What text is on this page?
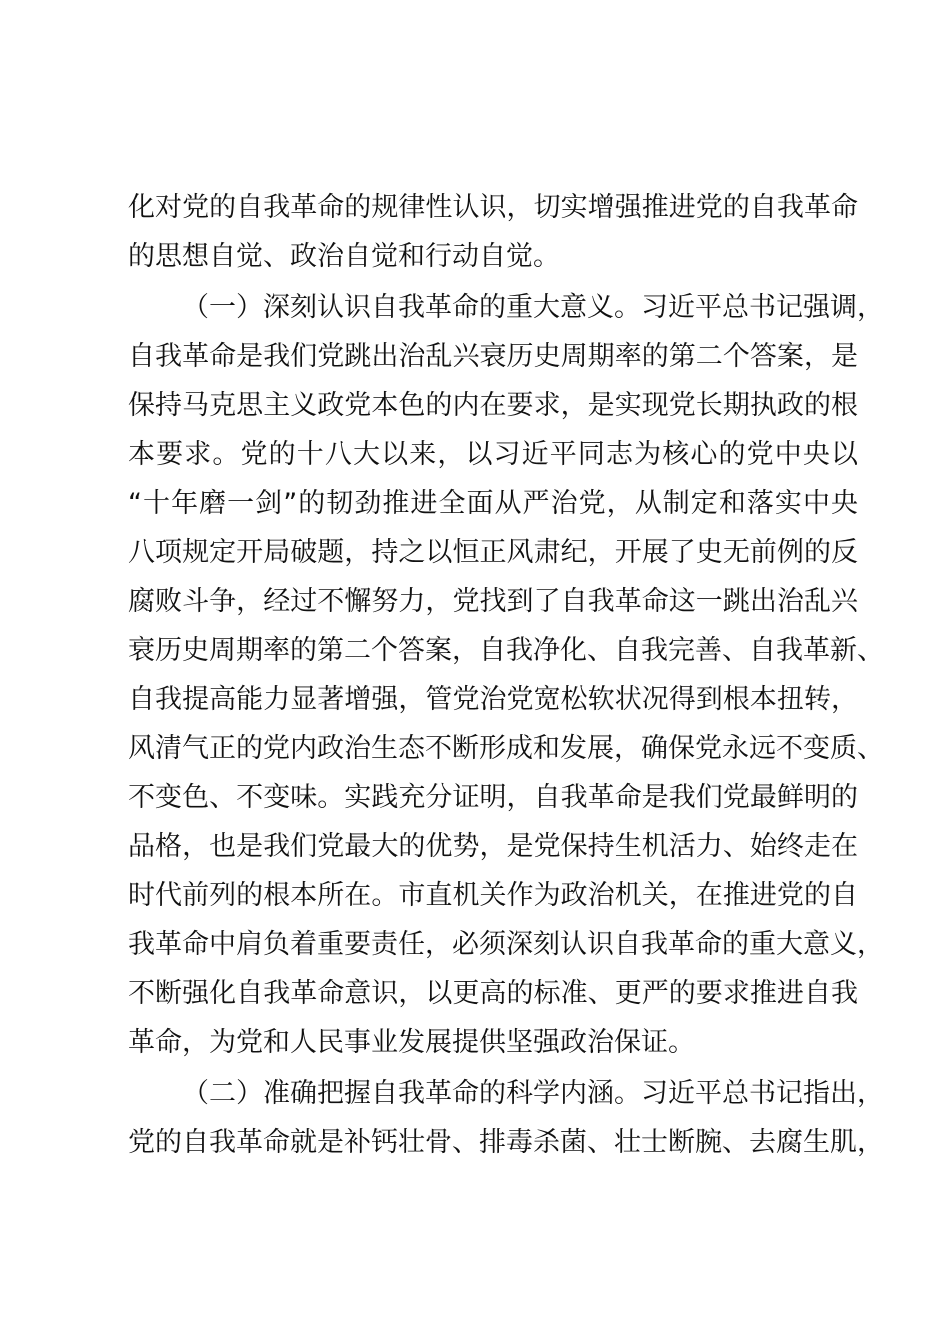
化对党的自我革命的规律性认识，切实增强推进党的自我革命
的思想自觉、政治自觉和行动自觉。
（一）深刻认识自我革命的重大意义。习近平总书记强调，
自我革命是我们党跳出治乱兴衰历史周期率的第二个答案，是
保持马克思主义政党本色的内在要求，是实现党长期执政的根
本要求。党的十八大以来，以习近平同志为核心的党中央以
“十年磨一剑”的韧劲推进全面从严治党，从制定和落实中央
八项规定开局破题，持之以恒正风肃纪，开展了史无前例的反
腐败斗争，经过不懈努力，党找到了自我革命这一跳出治乱兴
衰历史周期率的第二个答案，自我净化、自我完善、自我革新、
自我提高能力显著增强，管党治党宽松软状况得到根本扭转，
风清气正的党内政治生态不断形成和发展，确保党永远不变质、
不变色、不变味。实践充分证明，自我革命是我们党最鲜明的
品格，也是我们党最大的优势，是党保持生机活力、始终走在
时代前列的根本所在。市直机关作为政治机关，在推进党的自
我革命中肩负着重要责任，必须深刻认识自我革命的重大意义，
不断强化自我革命意识，以更高的标准、更严的要求推进自我
革命，为党和人民事业发展提供坚强政治保证。
（二）准确把握自我革命的科学内涵。习近平总书记指出，
党的自我革命就是补钙壮骨、排毒杀菌、壮士断腕、去腐生肌，
